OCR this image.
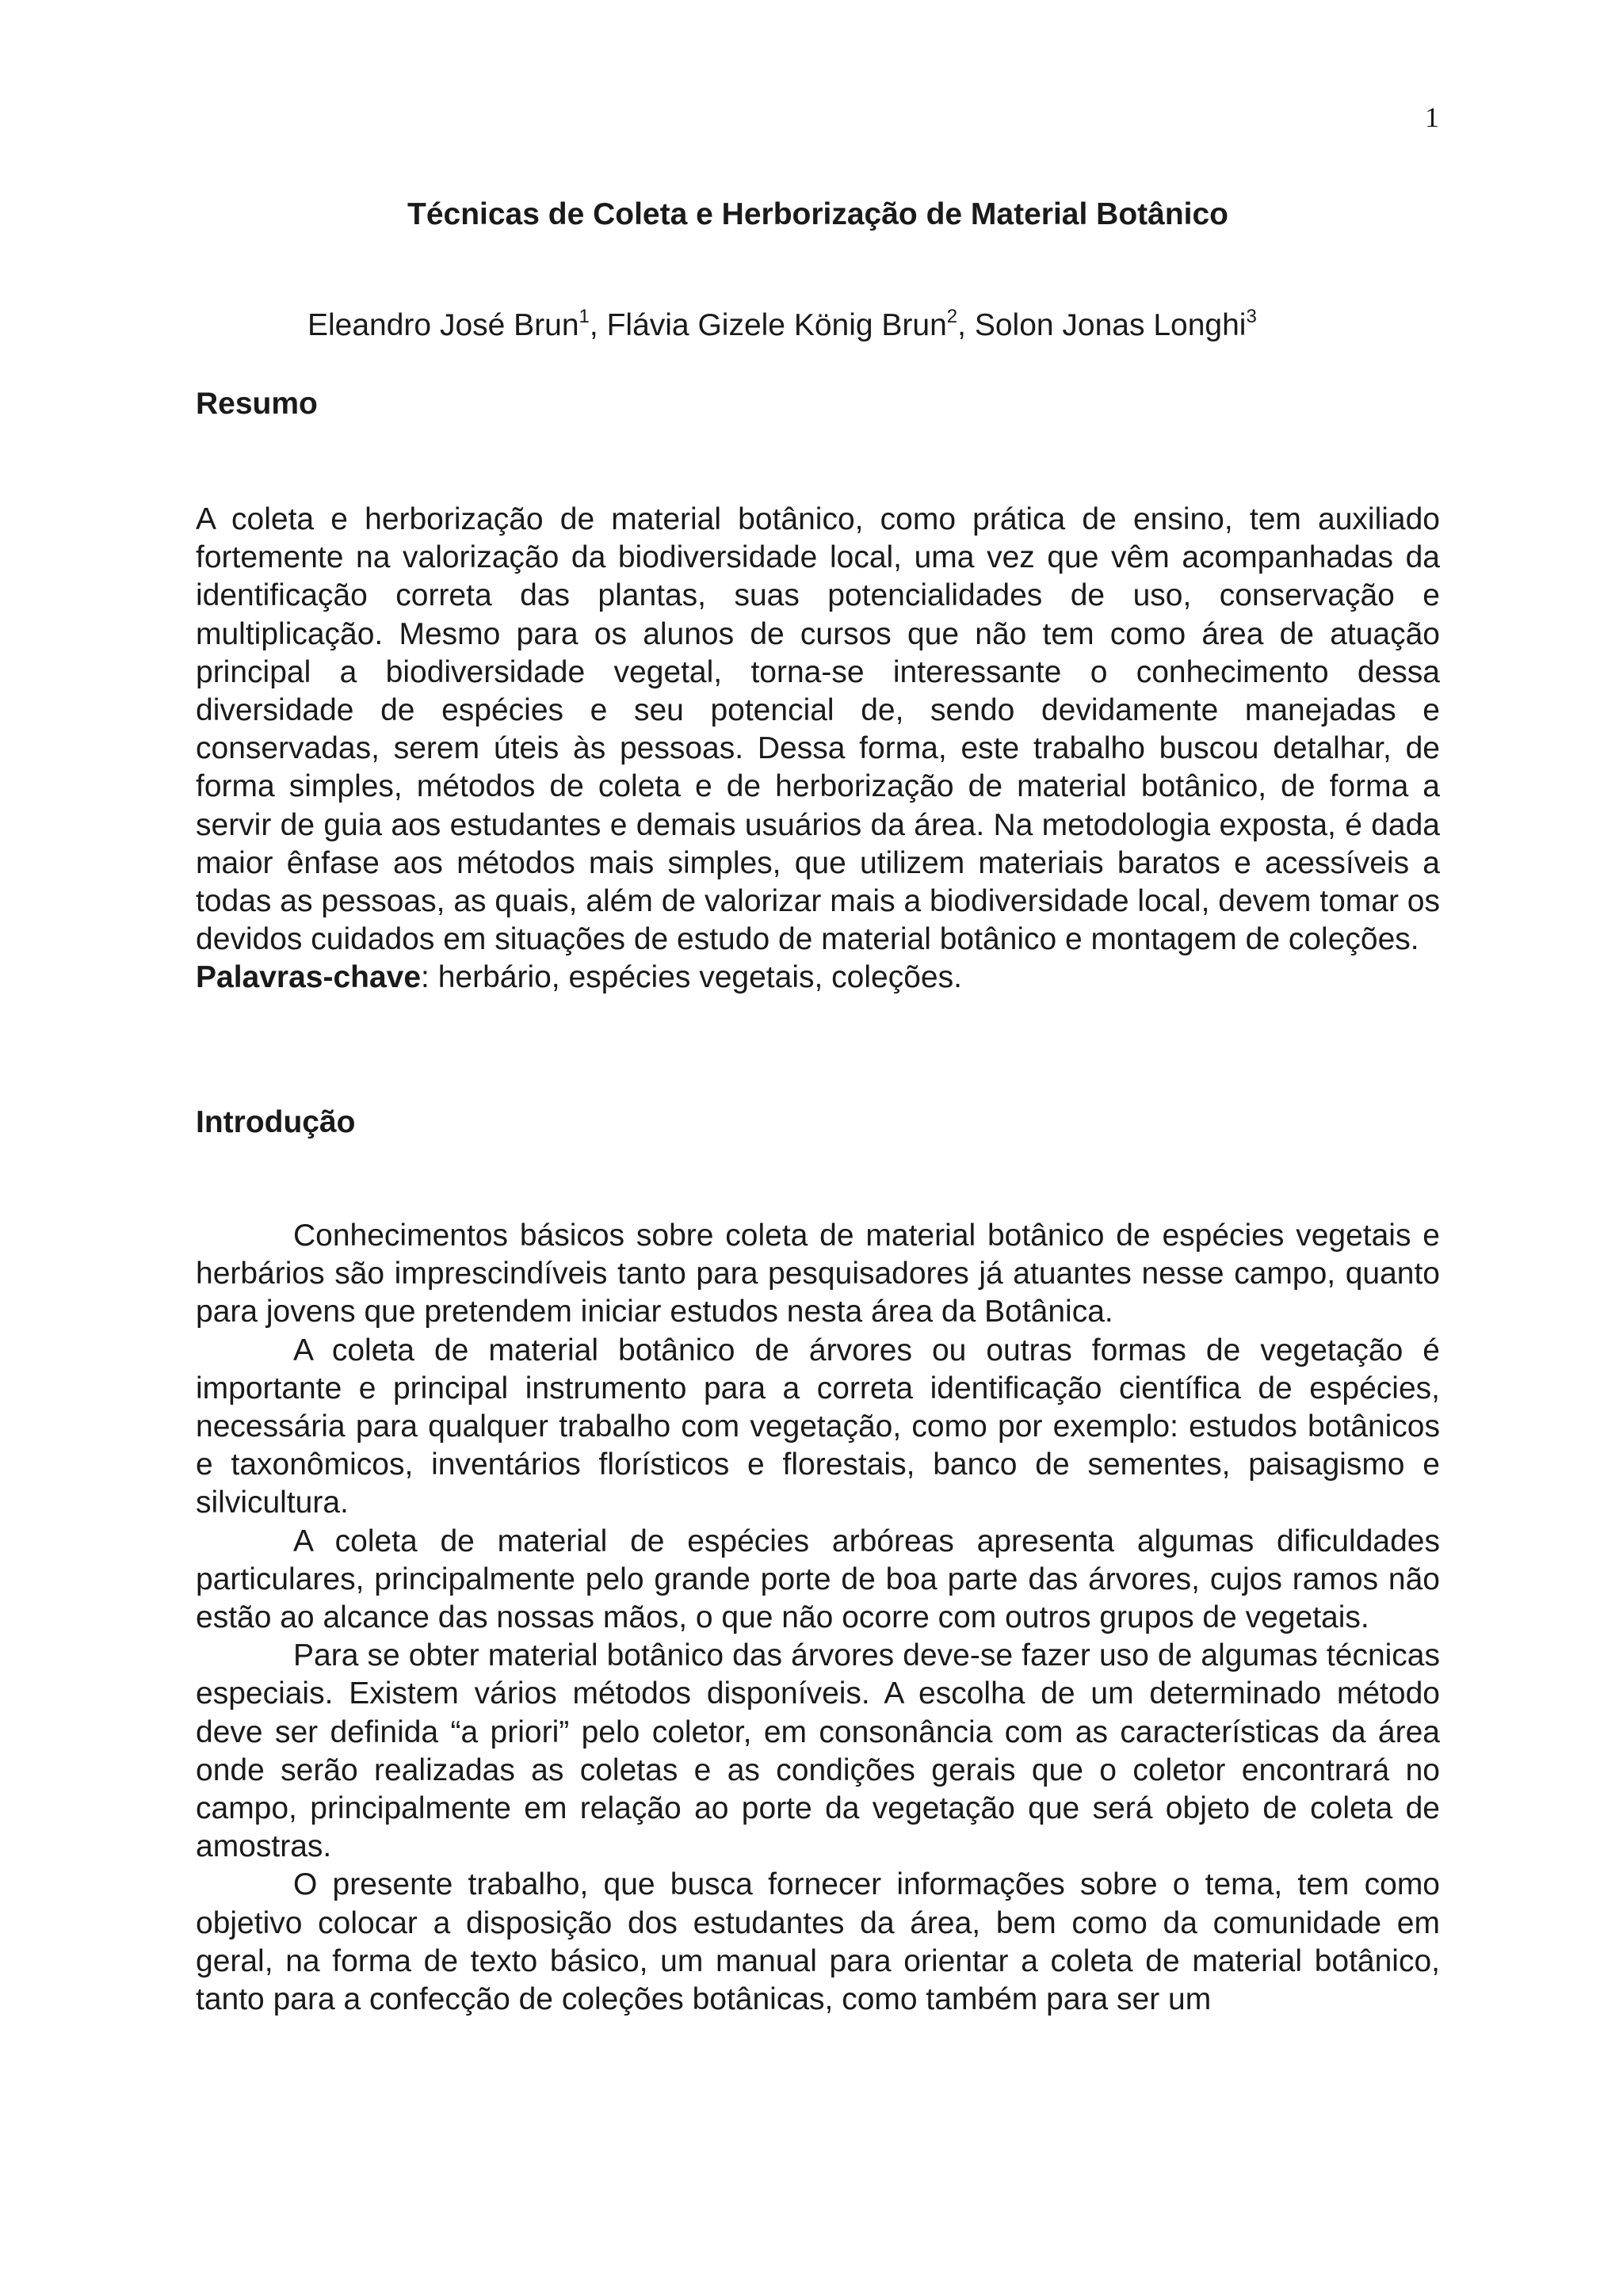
1
Técnicas de Coleta e Herborização de Material Botânico
Eleandro José Brun$^1$, Flávia Gizele König Brun$^2$, Solon Jonas Longhi$^3$
Resumo

A coleta e herborização de material botânico, como prática de ensino, tem auxiliado fortemente na valorização da biodiversidade local, uma vez que vêm acompanhadas da identificação correta das plantas, suas potencialidades de uso, conservação e multiplicação. Mesmo para os alunos de cursos que não tem como área de atuação principal a biodiversidade vegetal, torna-se interessante o conhecimento dessa diversidade de espécies e seu potencial de, sendo devidamente manejadas e conservadas, serem úteis às pessoas. Dessa forma, este trabalho buscou detalhar, de forma simples, métodos de coleta e de herborização de material botânico, de forma a servir de guia aos estudantes e demais usuários da área. Na metodologia exposta, é dada maior ênfase aos métodos mais simples, que utilizem materiais baratos e acessíveis a todas as pessoas, as quais, além de valorizar mais a biodiversidade local, devem tomar os devidos cuidados em situações de estudo de material botânico e montagem de coleções.

Palavras-chave: herbário, espécies vegetais, coleções.

Introdução

Conhecimentos básicos sobre coleta de material botânico de espécies vegetais e herbários são imprescindíveis tanto para pesquisadores já atuantes nesse campo, quanto para jovens que pretendem iniciar estudos nesta área da Botânica.

A coleta de material botânico de árvores ou outras formas de vegetação é importante e principal instrumento para a correta identificação científica de espécies, necessária para qualquer trabalho com vegetação, como por exemplo: estudos botânicos e taxonômicos, inventários florísticos e florestais, banco de sementes, paisagismo e silvicultura.

A coleta de material de espécies arbóreas apresenta algumas dificuldades particulares, principalmente pelo grande porte de boa parte das árvores, cujos ramos não estão ao alcance das nossas mãos, o que não ocorre com outros grupos de vegetais.

Para se obter material botânico das árvores deve-se fazer uso de algumas técnicas especiais. Existem vários métodos disponíveis. A escolha de um determinado método deve ser definida “a priori” pelo coletor, em consonância com as características da área onde serão realizadas as coletas e as condições gerais que o coletor encontrará no campo, principalmente em relação ao porte da vegetação que será objeto de coleta de amostras.

O presente trabalho, que busca fornecer informações sobre o tema, tem como objetivo colocar a disposição dos estudantes da área, bem como da comunidade em geral, na forma de texto básico, um manual para orientar a coleta de material botânico, tanto para a confecção de coleções botânicas, como também para ser um
